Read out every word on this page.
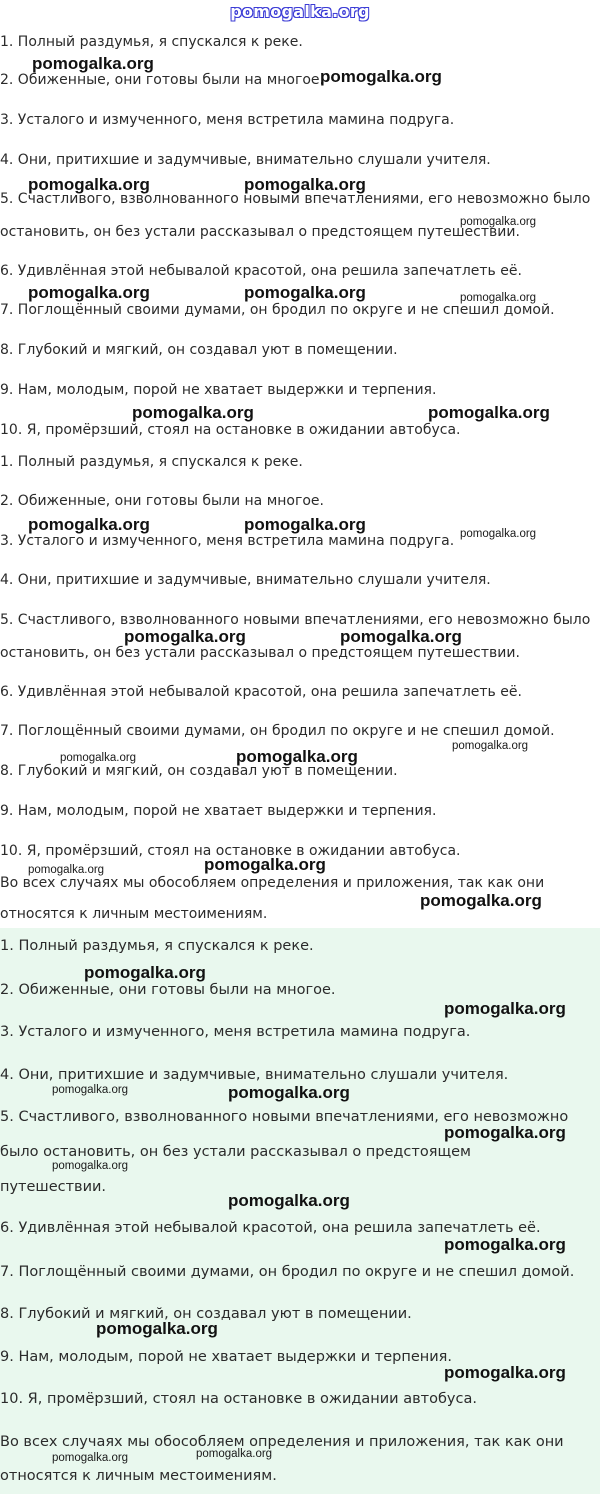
pomogalka.org

1. Полный раздумья, я спускался к реке.

2. Обиженные, они готовы были на многое.

3. Усталого и измученного, меня встретила мамина подруга.

4. Они, притихшие и задумчивые, внимательно слушали учителя.

5. Счастливого, взволнованного новыми впечатлениями, его невозможно было

остановить, он без устали рассказывал о предстоящем путешествии.

6. Удивлённая этой небывалой красотой, она решила запечатлеть её.

7. Поглощённый своими думами, он бродил по округе и не спешил домой.

8. Глубокий и мягкий, он создавал уют в помещении.

9. Нам, молодым, порой не хватает выдержки и терпения.

10. Я, промёрзший, стоял на остановке в ожидании автобуса.

1. Полный раздумья, я спускался к реке.

2. Обиженные, они готовы были на многое.

3. Усталого и измученного, меня встретила мамина подруга.

4. Они, притихшие и задумчивые, внимательно слушали учителя.

5. Счастливого, взволнованного новыми впечатлениями, его невозможно было

остановить, он без устали рассказывал о предстоящем путешествии.

6. Удивлённая этой небывалой красотой, она решила запечатлеть её.

7. Поглощённый своими думами, он бродил по округе и не спешил домой.

8. Глубокий и мягкий, он создавал уют в помещении.

9. Нам, молодым, порой не хватает выдержки и терпения.

10. Я, промёрзший, стоял на остановке в ожидании автобуса.

Во всех случаях мы обособляем определения и приложения, так как они

относятся к личным местоимениям.

1. Полный раздумья, я спускался к реке.

2. Обиженные, они готовы были на многое.

3. Усталого и измученного, меня встретила мамина подруга.

4. Они, притихшие и задумчивые, внимательно слушали учителя.

5. Счастливого, взволнованного новыми впечатлениями, его невозможно

было остановить, он без устали рассказывал о предстоящем

путешествии.

6. Удивлённая этой небывалой красотой, она решила запечатлеть её.

7. Поглощённый своими думами, он бродил по округе и не спешил домой.

8. Глубокий и мягкий, он создавал уют в помещении.

9. Нам, молодым, порой не хватает выдержки и терпения.

10. Я, промёрзший, стоял на остановке в ожидании автобуса.

Во всех случаях мы обособляем определения и приложения, так как они

относятся к личным местоимениям.

pomogalka.org
pomogalka.org
pomogalka.org	pomogalka.org
pomogalka.org
pomogalka.org	pomogalka.org	pomogalka.org
pomogalka.org	pomogalka.org
pomogalka.org	pomogalka.org	pomogalka.org
pomogalka.org	pomogalka.org
pomogalka.org	pomogalka.org
pomogalka.org
pomogalka.org
pomogalka.org
pomogalka.org
pomogalka.org
pomogalka.org
pomogalka.org	pomogalka.org
pomogalka.org
pomogalka.org
pomogalka.org
pomogalka.org
pomogalka.org
pomogalka.org
pomogalka.org	pomogalka.org
